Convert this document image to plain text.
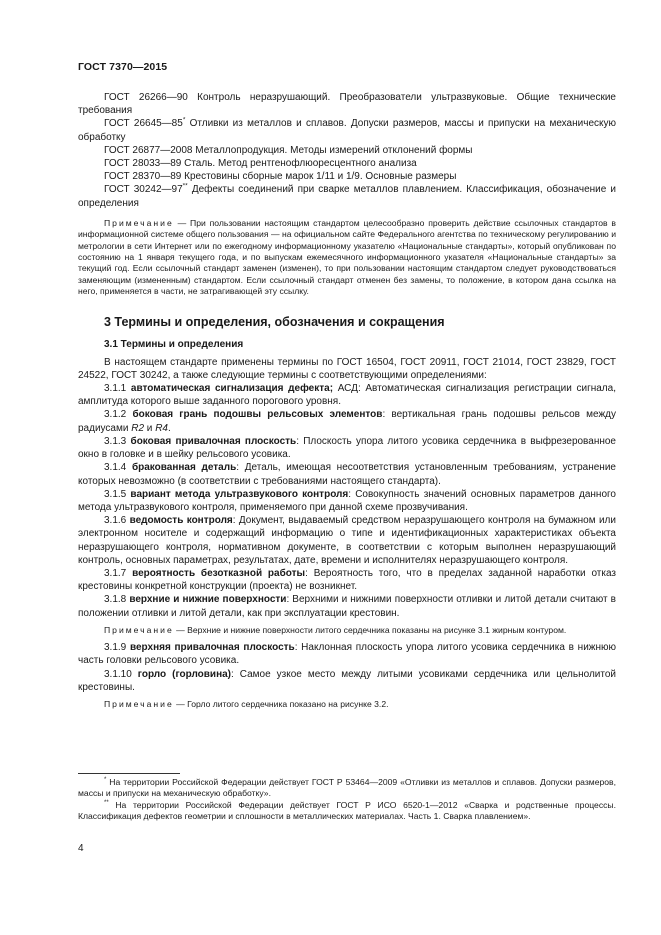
ГОСТ 7370—2015

ГОСТ 26266—90 Контроль неразрушающий. Преобразователи ультразвуковые. Общие технические требования

ГОСТ 26645—85* Отливки из металлов и сплавов. Допуски размеров, массы и припуски на механическую обработку

ГОСТ 26877—2008 Металлопродукция. Методы измерений отклонений формы

ГОСТ 28033—89 Сталь. Метод рентгенофлюоресцентного анализа

ГОСТ 28370—89 Крестовины сборные марок 1/11 и 1/9. Основные размеры

ГОСТ 30242—97** Дефекты соединений при сварке металлов плавлением. Классификация, обозначение и определения

Примечание — При пользовании настоящим стандартом целесообразно проверить действие ссылочных стандартов в информационной системе общего пользования — на официальном сайте Федерального агентства по техническому регулированию и метрологии в сети Интернет или по ежегодному информационному указателю «Национальные стандарты», который опубликован по состоянию на 1 января текущего года, и по выпускам ежемесячного информационного указателя «Национальные стандарты» за текущий год. Если ссылочный стандарт заменен (изменен), то при пользовании настоящим стандартом следует руководствоваться заменяющим (измененным) стандартом. Если ссылочный стандарт отменен без замены, то положение, в котором дана ссылка на него, применяется в части, не затрагивающей эту ссылку.

3 Термины и определения, обозначения и сокращения
3.1 Термины и определения

В настоящем стандарте применены термины по ГОСТ 16504, ГОСТ 20911, ГОСТ 21014, ГОСТ 23829, ГОСТ 24522, ГОСТ 30242, а также следующие термины с соответствующими определениями:

3.1.1 автоматическая сигнализация дефекта; АСД: Автоматическая сигнализация регистрации сигнала, амплитуда которого выше заданного порогового уровня.

3.1.2 боковая грань подошвы рельсовых элементов: вертикальная грань подошвы рельсов между радиусами R2 и R4.

3.1.3 боковая привалочная плоскость: Плоскость упора литого усовика сердечника в выфрезерованное окно в головке и в шейку рельсового усовика.

3.1.4 бракованная деталь: Деталь, имеющая несоответствия установленным требованиям, устранение которых невозможно (в соответствии с требованиями настоящего стандарта).

3.1.5 вариант метода ультразвукового контроля: Совокупность значений основных параметров данного метода ультразвукового контроля, применяемого при данной схеме прозвучивания.

3.1.6 ведомость контроля: Документ, выдаваемый средством неразрушающего контроля на бумажном или электронном носителе и содержащий информацию о типе и идентификационных характеристиках объекта неразрушающего контроля, нормативном документе, в соответствии с которым выполнен неразрушающий контроль, основных параметрах, результатах, дате, времени и исполнителях неразрушающего контроля.

3.1.7 вероятность безотказной работы: Вероятность того, что в пределах заданной наработки отказ крестовины конкретной конструкции (проекта) не возникнет.

3.1.8 верхние и нижние поверхности: Верхними и нижними поверхности отливки и литой детали считают в положении отливки и литой детали, как при эксплуатации крестовин.

Примечание — Верхние и нижние поверхности литого сердечника показаны на рисунке 3.1 жирным контуром.

3.1.9 верхняя привалочная плоскость: Наклонная плоскость упора литого усовика сердечника в нижнюю часть головки рельсового усовика.

3.1.10 горло (горловина): Самое узкое место между литыми усовиками сердечника или цельнолитой крестовины.

Примечание — Горло литого сердечника показано на рисунке 3.2.

* На территории Российской Федерации действует ГОСТ Р 53464—2009 «Отливки из металлов и сплавов. Допуски размеров, массы и припуски на механическую обработку».

** На территории Российской Федерации действует ГОСТ Р ИСО 6520-1—2012 «Сварка и родственные процессы. Классификация дефектов геометрии и сплошности в металлических материалах. Часть 1. Сварка плавлением».

4
